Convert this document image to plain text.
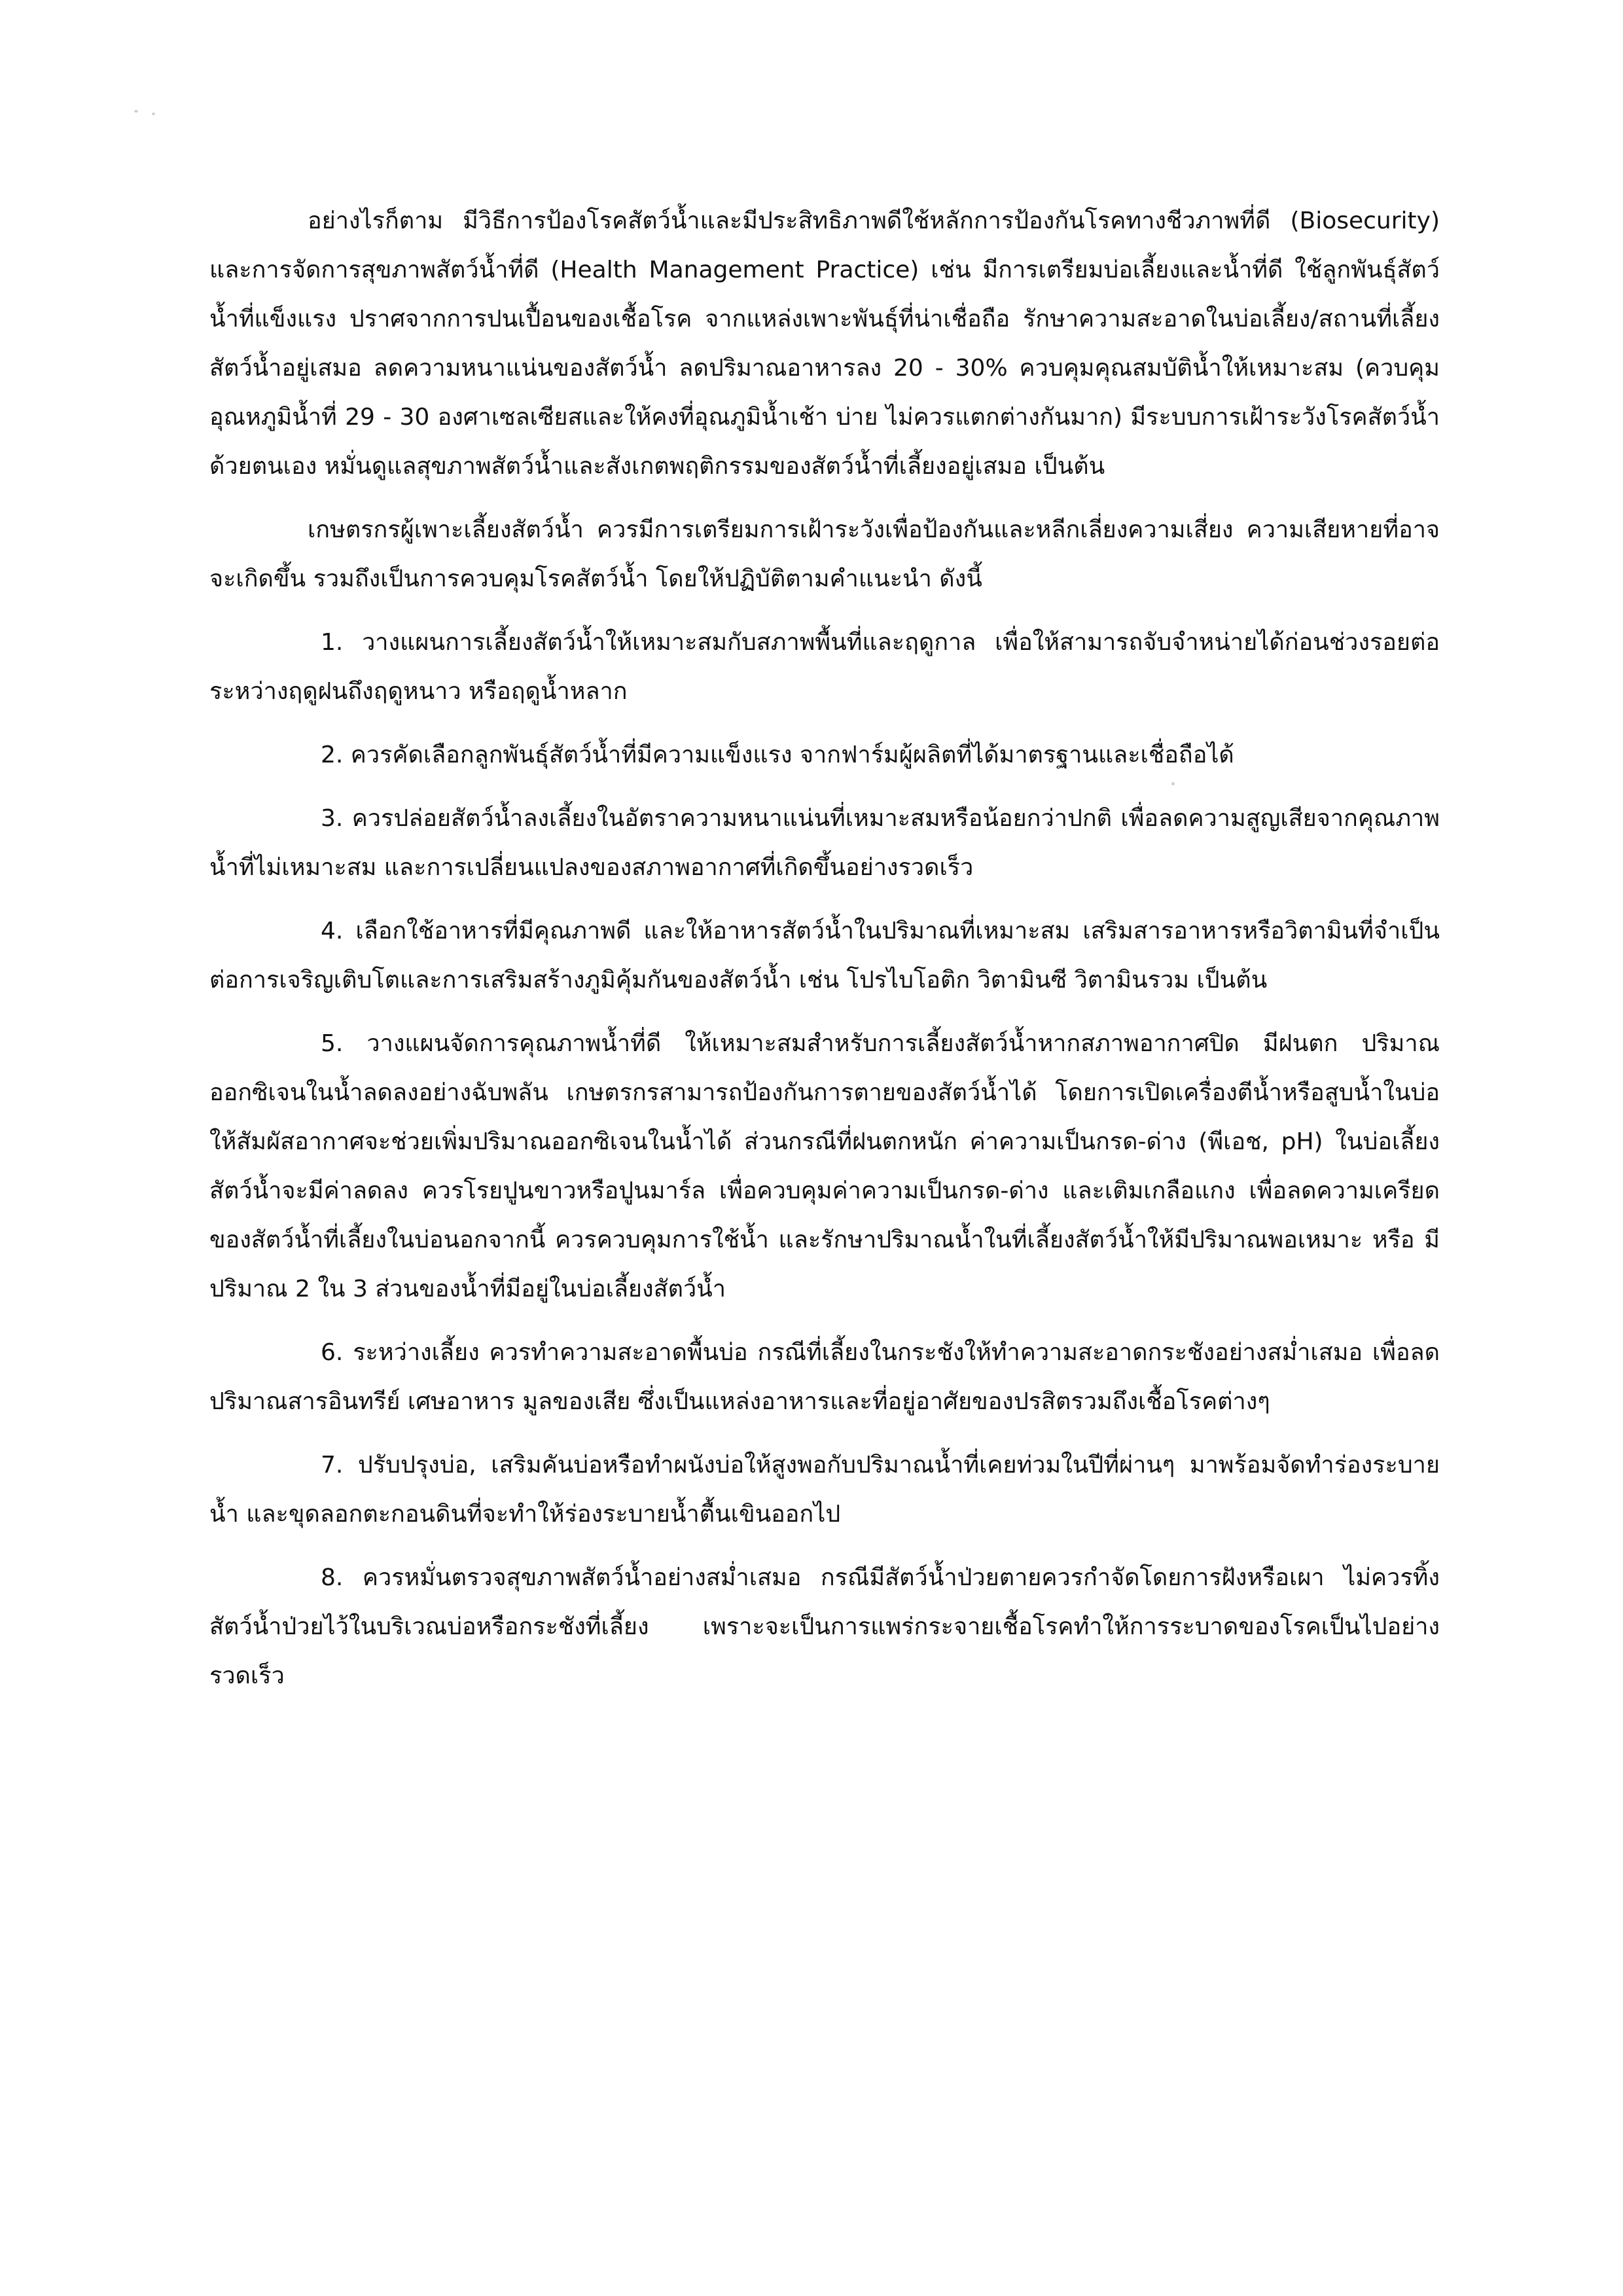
อย่างไรก็ตาม มีวิธีการป้องโรคสัตว์น้ำและมีประสิทธิภาพดีใช้หลักการป้องกันโรคทางชีวภาพที่ดี (Biosecurity) และการจัดการสุขภาพสัตว์น้ำที่ดี (Health Management Practice) เช่น มีการเตรียมบ่อเลี้ยงและน้ำที่ดี ใช้ลูกพันธุ์สัตว์น้ำที่แข็งแรง ปราศจากการปนเปื้อนของเชื้อโรค จากแหล่งเพาะพันธุ์ที่น่าเชื่อถือ รักษาความสะอาดในบ่อเลี้ยง/สถานที่เลี้ยงสัตว์น้ำอยู่เสมอ ลดความหนาแน่นของสัตว์น้ำ ลดปริมาณอาหารลง 20 - 30% ควบคุมคุณสมบัติน้ำให้เหมาะสม (ควบคุมอุณหภูมิน้ำที่ 29 - 30 องศาเซลเซียสและให้คงที่อุณภูมิน้ำเช้า บ่าย ไม่ควรแตกต่างกันมาก) มีระบบการเฝ้าระวังโรคสัตว์น้ำด้วยตนเอง หมั่นดูแลสุขภาพสัตว์น้ำและสังเกตพฤติกรรมของสัตว์น้ำที่เลี้ยงอยู่เสมอ เป็นต้น

เกษตรกรผู้เพาะเลี้ยงสัตว์น้ำ ควรมีการเตรียมการเฝ้าระวังเพื่อป้องกันและหลีกเลี่ยงความเสี่ยง ความเสียหายที่อาจจะเกิดขึ้น รวมถึงเป็นการควบคุมโรคสัตว์น้ำ โดยให้ปฏิบัติตามคำแนะนำ ดังนี้

1. วางแผนการเลี้ยงสัตว์น้ำให้เหมาะสมกับสภาพพื้นที่และฤดูกาล เพื่อให้สามารถจับจำหน่ายได้ก่อนช่วงรอยต่อระหว่างฤดูฝนถึงฤดูหนาว หรือฤดูน้ำหลาก

2. ควรคัดเลือกลูกพันธุ์สัตว์น้ำที่มีความแข็งแรง จากฟาร์มผู้ผลิตที่ได้มาตรฐานและเชื่อถือได้

3. ควรปล่อยสัตว์น้ำลงเลี้ยงในอัตราความหนาแน่นที่เหมาะสมหรือน้อยกว่าปกติ เพื่อลดความสูญเสียจากคุณภาพน้ำที่ไม่เหมาะสม และการเปลี่ยนแปลงของสภาพอากาศที่เกิดขึ้นอย่างรวดเร็ว

4. เลือกใช้อาหารที่มีคุณภาพดี และให้อาหารสัตว์น้ำในปริมาณที่เหมาะสม เสริมสารอาหารหรือวิตามินที่จำเป็นต่อการเจริญเติบโตและการเสริมสร้างภูมิคุ้มกันของสัตว์น้ำ เช่น โปรไบโอติก วิตามินซี วิตามินรวม เป็นต้น

5. วางแผนจัดการคุณภาพน้ำที่ดี ให้เหมาะสมสำหรับการเลี้ยงสัตว์น้ำหากสภาพอากาศปิด มีฝนตก ปริมาณออกซิเจนในน้ำลดลงอย่างฉับพลัน เกษตรกรสามารถป้องกันการตายของสัตว์น้ำได้ โดยการเปิดเครื่องตีน้ำหรือสูบน้ำในบ่อให้สัมผัสอากาศจะช่วยเพิ่มปริมาณออกซิเจนในน้ำได้ ส่วนกรณีที่ฝนตกหนัก ค่าความเป็นกรด-ด่าง (พีเอช, pH) ในบ่อเลี้ยงสัตว์น้ำจะมีค่าลดลง ควรโรยปูนขาวหรือปูนมาร์ล เพื่อควบคุมค่าความเป็นกรด-ด่าง และเติมเกลือแกง เพื่อลดความเครียดของสัตว์น้ำที่เลี้ยงในบ่อนอกจากนี้ ควรควบคุมการใช้น้ำ และรักษาปริมาณน้ำในที่เลี้ยงสัตว์น้ำให้มีปริมาณพอเหมาะ หรือ มีปริมาณ 2 ใน 3 ส่วนของน้ำที่มีอยู่ในบ่อเลี้ยงสัตว์น้ำ

6. ระหว่างเลี้ยง ควรทำความสะอาดพื้นบ่อ กรณีที่เลี้ยงในกระชังให้ทำความสะอาดกระชังอย่างสม่ำเสมอ เพื่อลดปริมาณสารอินทรีย์ เศษอาหาร มูลของเสีย ซึ่งเป็นแหล่งอาหารและที่อยู่อาศัยของปรสิตรวมถึงเชื้อโรคต่างๆ

7. ปรับปรุงบ่อ, เสริมคันบ่อหรือทำผนังบ่อให้สูงพอกับปริมาณน้ำที่เคยท่วมในปีที่ผ่านๆ มาพร้อมจัดทำร่องระบายน้ำ และขุดลอกตะกอนดินที่จะทำให้ร่องระบายน้ำตื้นเขินออกไป

8. ควรหมั่นตรวจสุขภาพสัตว์น้ำอย่างสม่ำเสมอ กรณีมีสัตว์น้ำป่วยตายควรกำจัดโดยการฝังหรือเผา ไม่ควรทิ้งสัตว์น้ำป่วยไว้ในบริเวณบ่อหรือกระชังที่เลี้ยง เพราะจะเป็นการแพร่กระจายเชื้อโรคทำให้การระบาดของโรคเป็นไปอย่างรวดเร็ว
